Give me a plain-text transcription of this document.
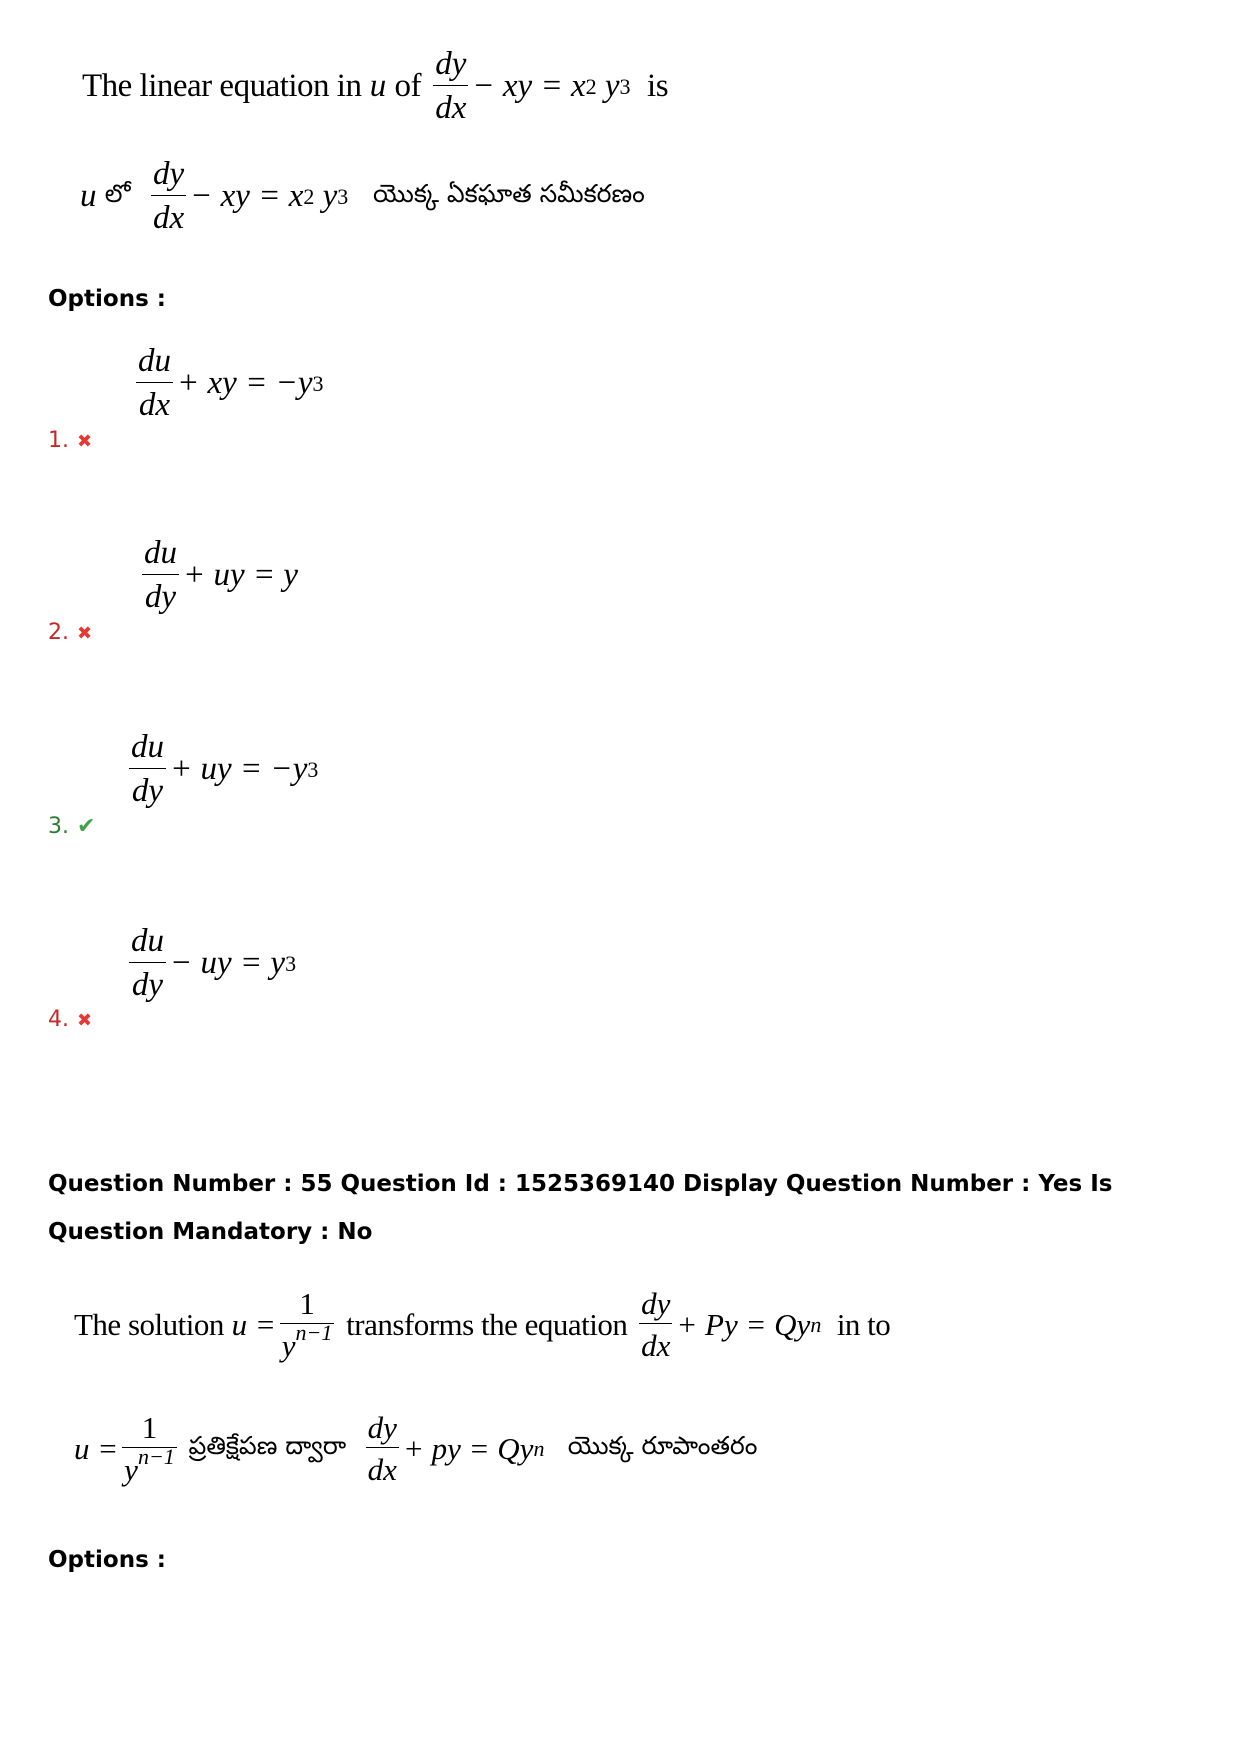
The linear equation in
u
of
$\frac{dy}{dx}$ − xy = x 2
y 3
is
u
లో
$\frac{dy}{dx}$ − xy = x 2
y 3
యొక్క ఏకఘాత సమీకరణం
Options :
$\frac{du}{dx}$ + xy = −y 3
1. ✖
$\frac{du}{dy}$ + uy = y
2. ✖
$\frac{du}{dy}$ + uy = −y 3
3. ✔
$\frac{du}{dy}$ − uy = y 3
4. ✖
Question Number : 55 Question Id : 1525369140 Display Question Number : Yes Is Question Mandatory : No
The solution
$u = \frac{1}{y^{n-1}}$
transforms the equation
$\frac{dy}{dx} + Py = Qy$ n
in to
$u = \frac{1}{y^{n-1}}$
ప్రతిక్షేపణ ద్వారా
$\frac{dy}{dx}$ + py = Qy n
యొక్క రూపాంతరం
Options :
